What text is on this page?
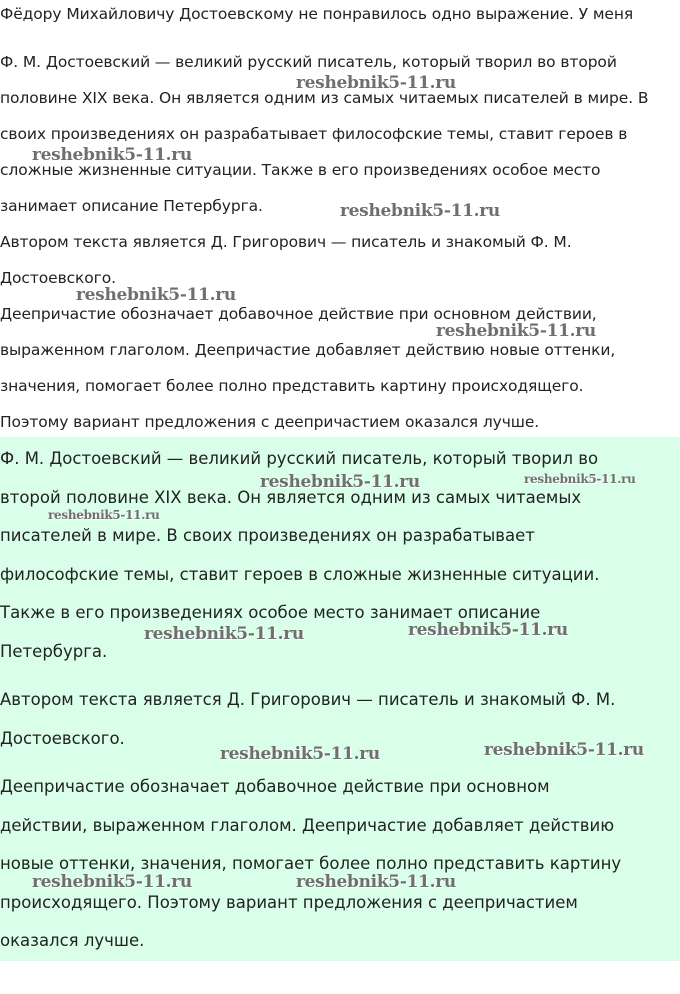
Фёдору Михайловичу Достоевскому не понравилось одно выражение. У меня
Ф. М. Достоевский — великий русский писатель, который творил во второй
половине XIX века. Он является одним из самых читаемых писателей в мире. В
своих произведениях он разрабатывает философские темы, ставит героев в
сложные жизненные ситуации. Также в его произведениях особое место
занимает описание Петербурга.
Автором текста является Д. Григорович — писатель и знакомый Ф. М.
Достоевского.
Деепричастие обозначает добавочное действие при основном действии,
выраженном глаголом. Деепричастие добавляет действию новые оттенки,
значения, помогает более полно представить картину происходящего.
Поэтому вариант предложения с деепричастием оказался лучше.
reshebnik5-11.ru
reshebnik5-11.ru
reshebnik5-11.ru
reshebnik5-11.ru
reshebnik5-11.ru
Ф. М. Достоевский — великий русский писатель, который творил во
второй половине XIX века. Он является одним из самых читаемых
писателей в мире. В своих произведениях он разрабатывает
философские темы, ставит героев в сложные жизненные ситуации.
Также в его произведениях особое место занимает описание
Петербурга.
Автором текста является Д. Григорович — писатель и знакомый Ф. М.
Достоевского.
Деепричастие обозначает добавочное действие при основном
действии, выраженном глаголом. Деепричастие добавляет действию
новые оттенки, значения, помогает более полно представить картину
происходящего. Поэтому вариант предложения с деепричастием
оказался лучше.
reshebnik5-11.ru	reshebnik5-11.ru
reshebnik5-11.ru
reshebnik5-11.ru	reshebnik5-11.ru
reshebnik5-11.ru	reshebnik5-11.ru
reshebnik5-11.ru	reshebnik5-11.ru
